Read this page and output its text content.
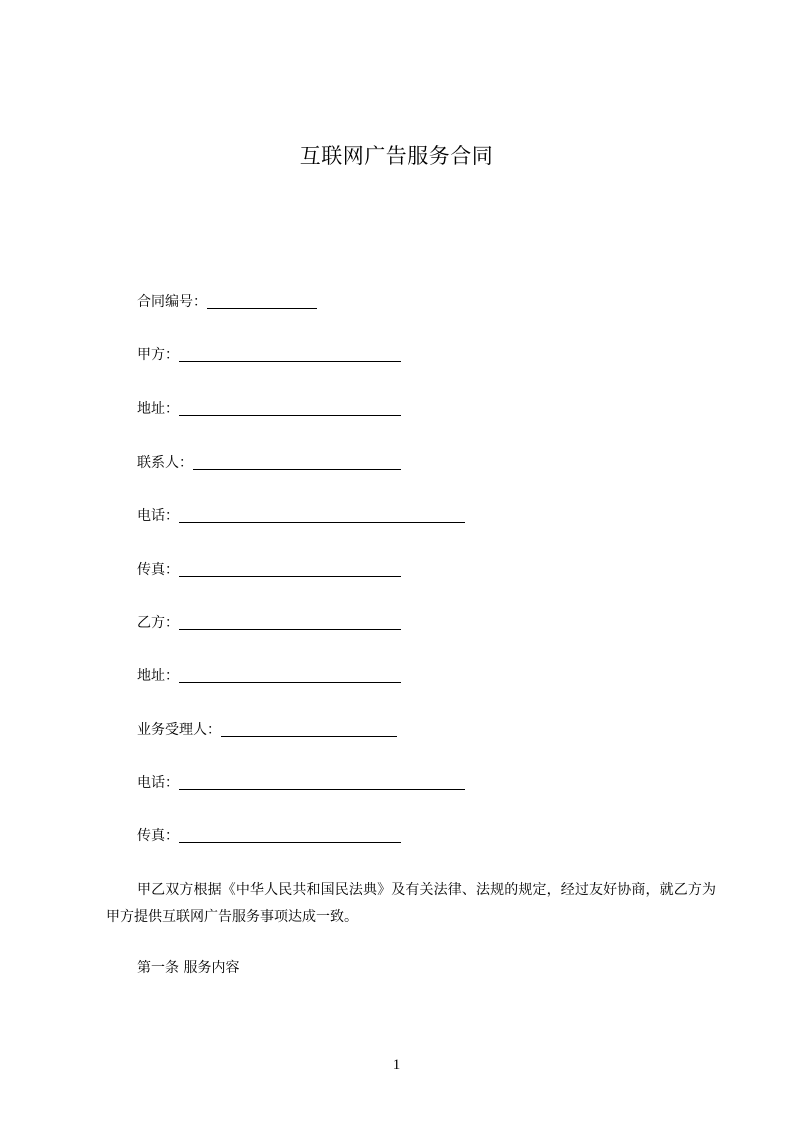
互联网广告服务合同
合同编号：
甲方：
地址：
联系人：
电话：
传真：
乙方：
地址：
业务受理人：
电话：
传真：
甲乙双方根据《中华人民共和国民法典》及有关法律、法规的规定，经过友好协商，就乙方为甲方提供互联网广告服务事项达成一致。
第一条 服务内容
1
